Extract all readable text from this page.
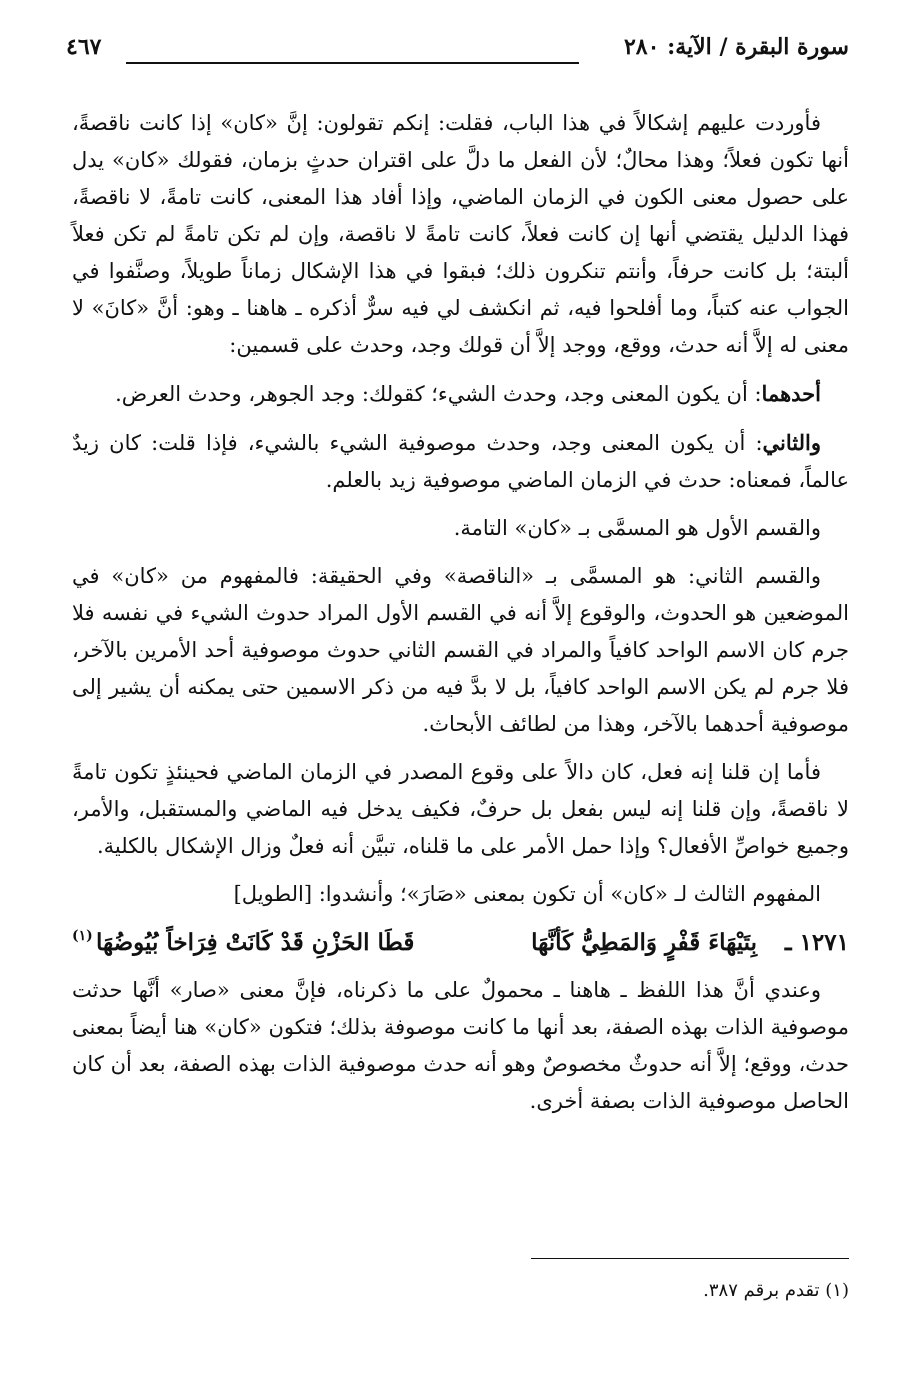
سورة البقرة / الآية: ٢٨٠
٤٦٧

فأوردت عليهم إشكالاً في هذا الباب، فقلت: إنكم تقولون: إنَّ «كان» إذا كانت ناقصةً، أنها تكون فعلاً؛ وهذا محالٌ؛ لأن الفعل ما دلَّ على اقتران حدثٍ بزمان، فقولك «كان» يدل على حصول معنى الكون في الزمان الماضي، وإذا أفاد هذا المعنى، كانت تامةً، لا ناقصةً، فهذا الدليل يقتضي أنها إن كانت فعلاً، كانت تامةً لا ناقصة، وإن لم تكن تامةً لم تكن فعلاً ألبتة؛ بل كانت حرفاً، وأنتم تنكرون ذلك؛ فبقوا في هذا الإشكال زماناً طويلاً، وصنَّفوا في الجواب عنه كتباً، وما أفلحوا فيه، ثم انكشف لي فيه سرٌّ أذكره ـ هاهنا ـ وهو: أنَّ «كانَ» لا معنى له إلاَّ أنه حدث، ووقع، ووجد إلاَّ أن قولك وجد، وحدث على قسمين:

أحدهما: أن يكون المعنى وجد، وحدث الشيء؛ كقولك: وجد الجوهر، وحدث العرض.

والثاني: أن يكون المعنى وجد، وحدث موصوفية الشيء بالشيء، فإذا قلت: كان زيدٌ عالماً، فمعناه: حدث في الزمان الماضي موصوفية زيد بالعلم.

والقسم الأول هو المسمَّى بـ «كان» التامة.

والقسم الثاني: هو المسمَّى بـ «الناقصة» وفي الحقيقة: فالمفهوم من «كان» في الموضعين هو الحدوث، والوقوع إلاَّ أنه في القسم الأول المراد حدوث الشيء في نفسه فلا جرم كان الاسم الواحد كافياً والمراد في القسم الثاني حدوث موصوفية أحد الأمرين بالآخر، فلا جرم لم يكن الاسم الواحد كافياً، بل لا بدَّ فيه من ذكر الاسمين حتى يمكنه أن يشير إلى موصوفية أحدهما بالآخر، وهذا من لطائف الأبحاث.

فأما إن قلنا إنه فعل، كان دالاً على وقوع المصدر في الزمان الماضي فحينئذٍ تكون تامةً لا ناقصةً، وإن قلنا إنه ليس بفعل بل حرفٌ، فكيف يدخل فيه الماضي والمستقبل، والأمر، وجميع خواصِّ الأفعال؟ وإذا حمل الأمر على ما قلناه، تبيَّن أنه فعلٌ وزال الإشكال بالكلية.

المفهوم الثالث لـ «كان» أن تكون بمعنى «صَارَ»؛ وأنشدوا: [الطويل]

١٢٧١ ـ
بِتَيْهَاءَ قَفْرٍ وَالمَطِيُّ كَأنَّهَا
قَطَا الحَزْنِ قَدْ كَانَتْ فِرَاخاً بُيُوضُهَا
(١)

وعندي أنَّ هذا اللفظ ـ هاهنا ـ محمولٌ على ما ذكرناه، فإنَّ معنى «صار» أنَّها حدثت موصوفية الذات بهذه الصفة، بعد أنها ما كانت موصوفة بذلك؛ فتكون «كان» هنا أيضاً بمعنى حدث، ووقع؛ إلاَّ أنه حدوثٌ مخصوصٌ وهو أنه حدث موصوفية الذات بهذه الصفة، بعد أن كان الحاصل موصوفية الذات بصفة أخرى.

(١) تقدم برقم ٣٨٧.
